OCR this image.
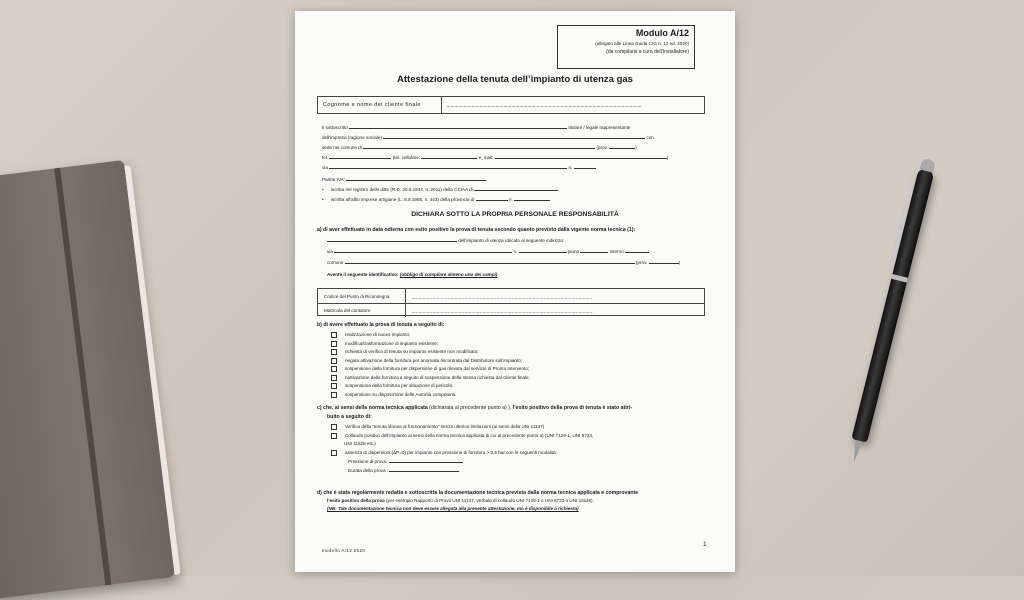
Modulo A/12
(allegato alle Linea Guida CIG n. 12 ed. 2020)
(da compilarsi a cura dell’Installatore)
Attestazione della tenuta dell’impianto di utenza gas
Cognome e nome del cliente finale	________________________________________________
Il sottoscritto	titolare / legale rappresentante
dell’impresa (ragione sociale)	con
sede nel comune di	(prov.	)
tel.	(tel. cellulare:	e_mail:	)
via	n.
Partita IVA:
• iscritta nel registro delle ditte (R.D. 20.9.1934, n. 2011) della CCIAA di
• iscritta all’albo imprese artigiane (L. 8.8.1985, n. 443) della provincia di	n.
DICHIARA SOTTO LA PROPRIA PERSONALE RESPONSABILITÀ
a) di aver effettuato in data odierna con esito positivo la prova di tenuta secondo quanto previsto dalla vigente norma tecnica (1):
dell’impianto di utenza ubicato al seguente indirizzo:
via	n.	piano	interno
comune	(prov.	)
Avente il seguente identificativo: (obbligo di compilare almeno uno dei campi)
Codice del Punto di Riconsegna	___________________________________________________
Matricola del contatore	___________________________________________________
b) di avere effettuato la prova di tenuta a seguito di:
realizzazione di nuovo impianto;
modifica/trasformazione di impianto esistente;
richiesta di verifica di tenuta su impianto esistente non modificato;
negata attivazione della fornitura per anomalia riscontrata dal Distributore sull’impianto;
sospensione della fornitura per dispersione di gas rilevata dal servizio di Pronto Intervento;
riattivazione della fornitura a seguito di sospensione della stessa richiesta dal cliente finale;
sospensione della fornitura per situazione di pericolo;
sospensione su disposizione delle Autorità competenti.
c) che, ai sensi della norma tecnica applicata (dichiarata al precedente punto a) ), l’esito positivo della prova di tenuta è stato attri-
buito a seguito di:
Verifica della “tenuta idonea al funzionamento” senza ulteriori limitazioni (ai sensi della UNI 11137)
Collaudo positivo dell’impianto ai sensi della norma tecnica applicata di cui al precedente punto a) (UNI 7129-1, UNI 8723,
UNI 11528 etc.)
assenza di dispersioni (ΔP=0) per impianto con pressione di fornitura > 0,5 bar con le seguenti modalità:
Pressione di prova:
Durata della prova :
d) che è stata regolarmente redatta e sottoscritta la documentazione tecnica prevista dalla norma tecnica applicata e comprovante
l’esito positivo della prova (per esempio Rapporto di Prova UNI 11137, Verbale di collaudo UNI 7129-1 o UNI 8723 o UNI 11528).
(NB: Tale documentazione tecnica non deve essere allegata alla presente attestazione, ma è disponibile a richiesta)
modello A/12 2020
1
